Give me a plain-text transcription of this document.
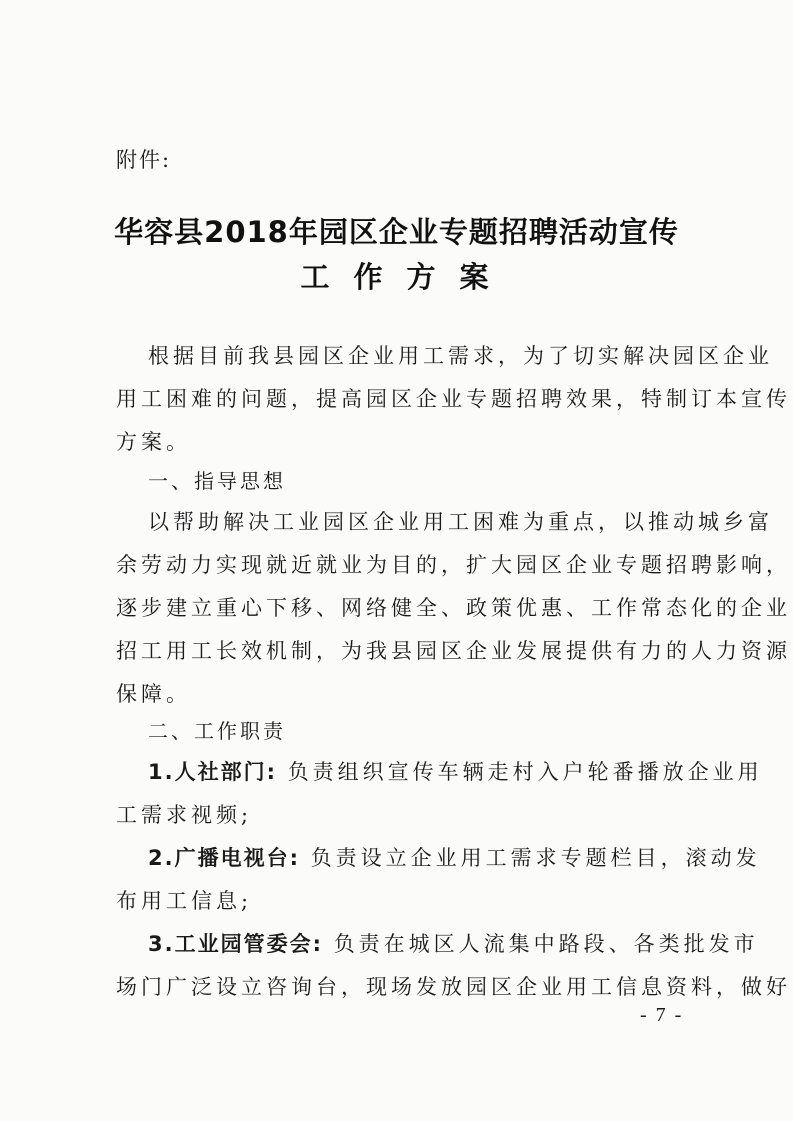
附件:
华容县2018年园区企业专题招聘活动宣传
工作方案
根据目前我县园区企业用工需求，为了切实解决园区企业
用工困难的问题，提高园区企业专题招聘效果，特制订本宣传
方案。
一、指导思想
以帮助解决工业园区企业用工困难为重点，以推动城乡富
余劳动力实现就近就业为目的，扩大园区企业专题招聘影响，
逐步建立重心下移、网络健全、政策优惠、工作常态化的企业
招工用工长效机制，为我县园区企业发展提供有力的人力资源
保障。
二、工作职责
1.人社部门: 负责组织宣传车辆走村入户轮番播放企业用
工需求视频;
2.广播电视台: 负责设立企业用工需求专题栏目，滚动发
布用工信息;
3.工业园管委会: 负责在城区人流集中路段、各类批发市
场门广泛设立咨询台，现场发放园区企业用工信息资料，做好
- 7 -
